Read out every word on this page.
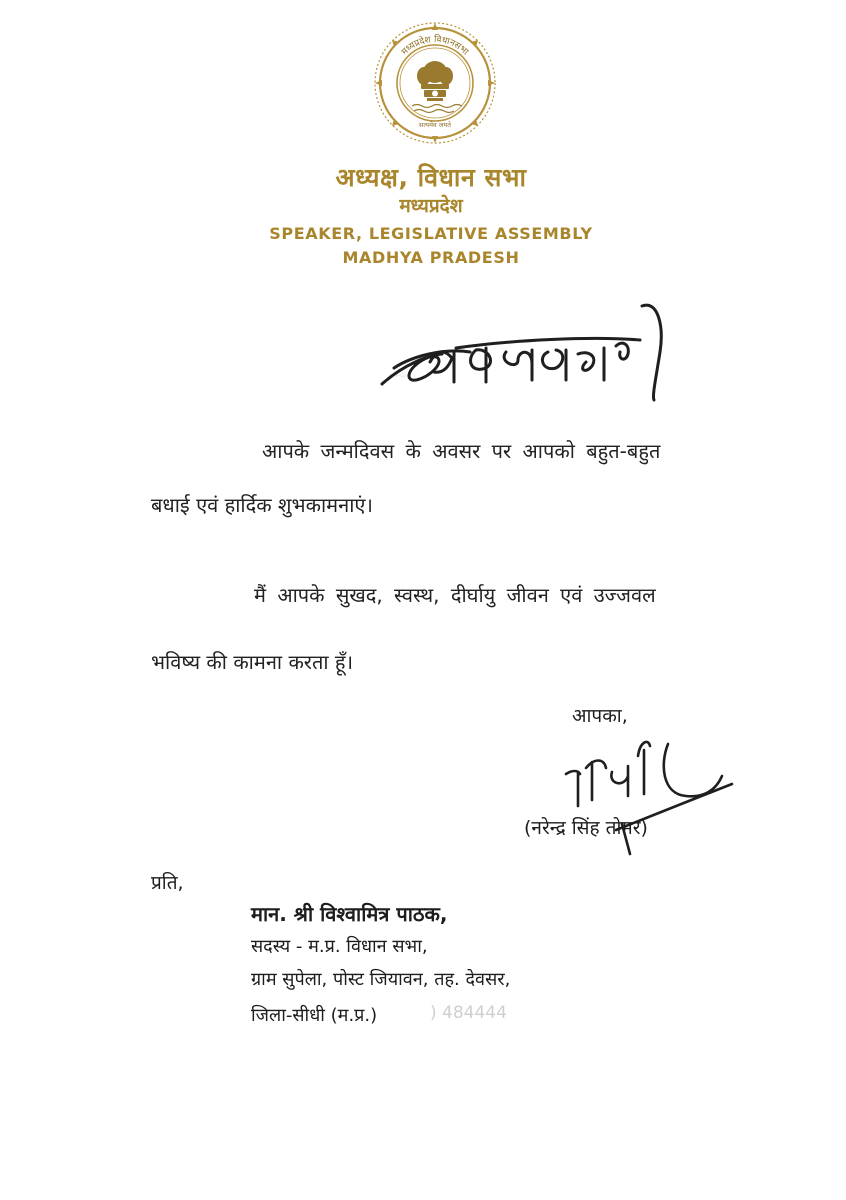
मध्यप्रदेश विधानसभा
सत्यमेव जयते
अध्यक्ष, विधान सभा
मध्यप्रदेश
SPEAKER, LEGISLATIVE ASSEMBLY
MADHYA PRADESH
~
आपके जन्मदिवस के अवसर पर आपको बहुत-बहुत
बधाई एवं हार्दिक शुभकामनाएं।
मैं आपके सुखद, स्वस्थ, दीर्घायु जीवन एवं उज्जवल
भविष्य की कामना करता हूँ।
आपका,
(नरेन्द्र सिंह तोमर)
प्रति,
मान. श्री विश्वामित्र पाठक,
सदस्य - म.प्र. विधान सभा,
ग्राम सुपेला, पोस्ट जियावन, तह. देवसर,
जिला-सीधी (म.प्र.)	) 484444
